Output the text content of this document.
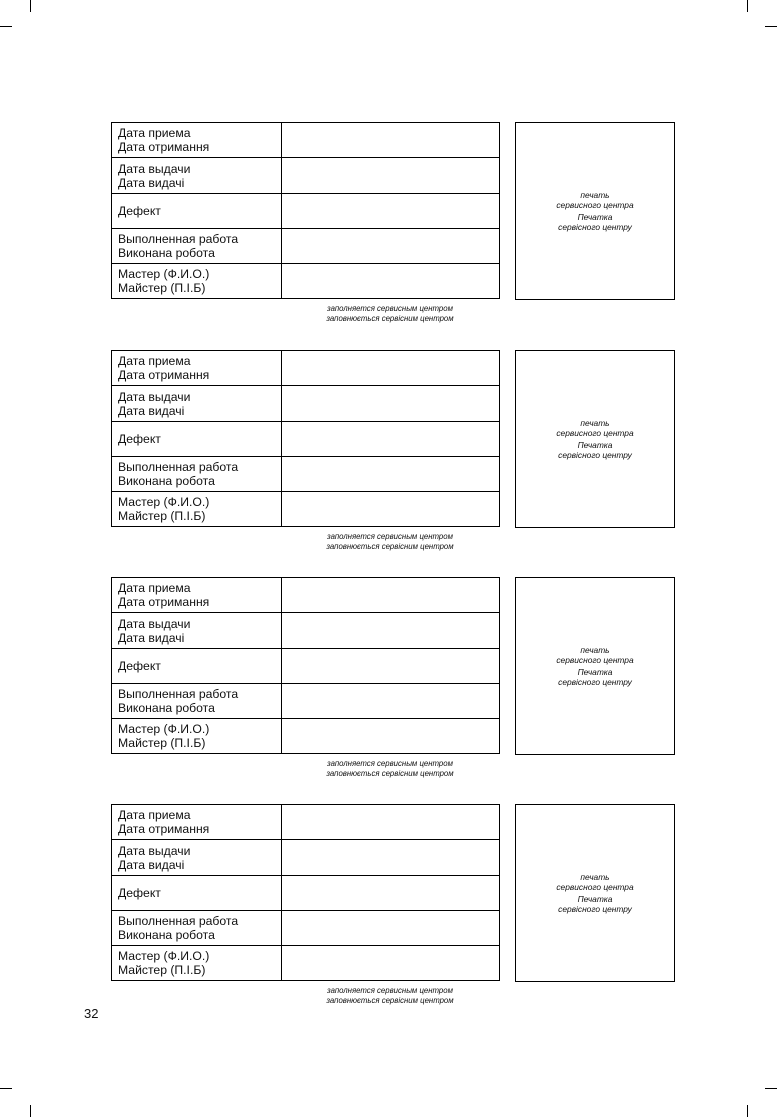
Дата приема
Дата отримання	

Дата выдачи
Дата видачі	

Дефект	

Выполненная работа
Виконана робота	

Мастер (Ф.И.О.)
Майстер (П.І.Б)	

печать
сервисного центра
Печатка
сервісного центру
заполняется сервисным центром
заповнюється сервісним центром
Дата приема
Дата отримання	

Дата выдачи
Дата видачі	

Дефект	

Выполненная работа
Виконана робота	

Мастер (Ф.И.О.)
Майстер (П.І.Б)	

печать
сервисного центра
Печатка
сервісного центру
заполняется сервисным центром
заповнюється сервісним центром
Дата приема
Дата отримання	

Дата выдачи
Дата видачі	

Дефект	

Выполненная работа
Виконана робота	

Мастер (Ф.И.О.)
Майстер (П.І.Б)	

печать
сервисного центра
Печатка
сервісного центру
заполняется сервисным центром
заповнюється сервісним центром
Дата приема
Дата отримання	

Дата выдачи
Дата видачі	

Дефект	

Выполненная работа
Виконана робота	

Мастер (Ф.И.О.)
Майстер (П.І.Б)	

печать
сервисного центра
Печатка
сервісного центру
заполняется сервисным центром
заповнюється сервісним центром
32
